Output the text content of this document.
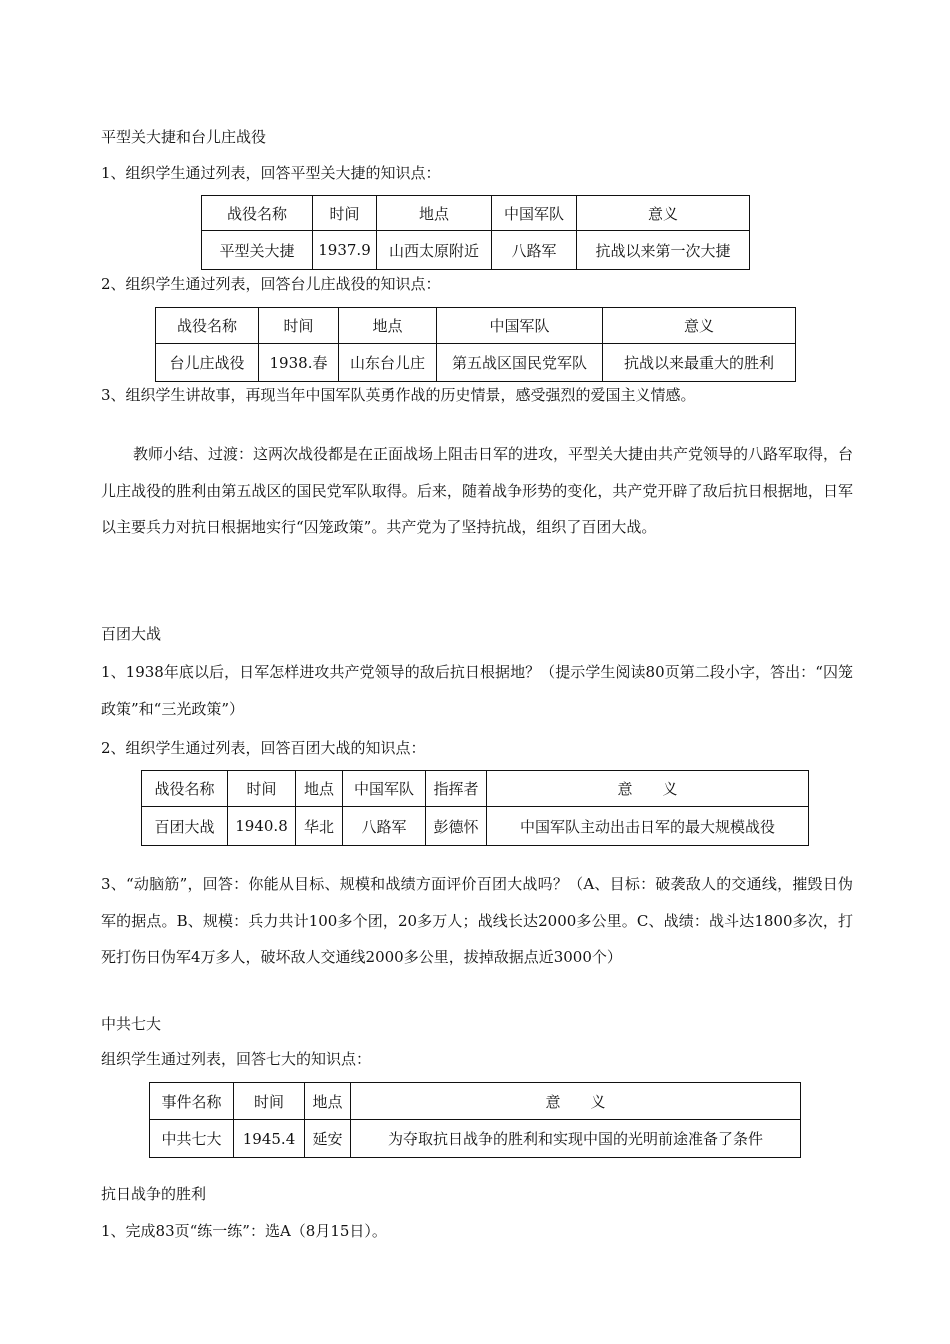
平型关大捷和台儿庄战役
1、组织学生通过列表，回答平型关大捷的知识点：
战役名称	时间	地点	中国军队	意义
平型关大捷	1937.9	山西太原附近	八路军	抗战以来第一次大捷
2、组织学生通过列表，回答台儿庄战役的知识点：
战役名称	时间	地点	中国军队	意义
台儿庄战役	1938.春	山东台儿庄	第五战区国民党军队	抗战以来最重大的胜利
3、组织学生讲故事，再现当年中国军队英勇作战的历史情景，感受强烈的爱国主义情感。
教师小结、过渡：这两次战役都是在正面战场上阻击日军的进攻，平型关大捷由共产党领导的八路军取得，台儿庄战役的胜利由第五战区的国民党军队取得。后来，随着战争形势的变化，共产党开辟了敌后抗日根据地，日军以主要兵力对抗日根据地实行“囚笼政策”。共产党为了坚持抗战，组织了百团大战。
百团大战
1、1938年底以后，日军怎样进攻共产党领导的敌后抗日根据地？（提示学生阅读80页第二段小字，答出：“囚笼政策”和“三光政策”）
2、组织学生通过列表，回答百团大战的知识点：
战役名称	时间	地点	中国军队	指挥者	意　　义
百团大战	1940.8	华北	八路军	彭德怀	中国军队主动出击日军的最大规模战役
3、“动脑筋”，回答：你能从目标、规模和战绩方面评价百团大战吗？（A、目标：破袭敌人的交通线，摧毁日伪军的据点。B、规模：兵力共计100多个团，20多万人；战线长达2000多公里。C、战绩：战斗达1800多次，打死打伤日伪军4万多人，破坏敌人交通线2000多公里，拔掉敌据点近3000个）
中共七大
组织学生通过列表，回答七大的知识点：
事件名称	时间	地点	意　　义
中共七大	1945.4	延安	为夺取抗日战争的胜利和实现中国的光明前途准备了条件
抗日战争的胜利
1、完成83页“练一练”：选A（8月15日）。
